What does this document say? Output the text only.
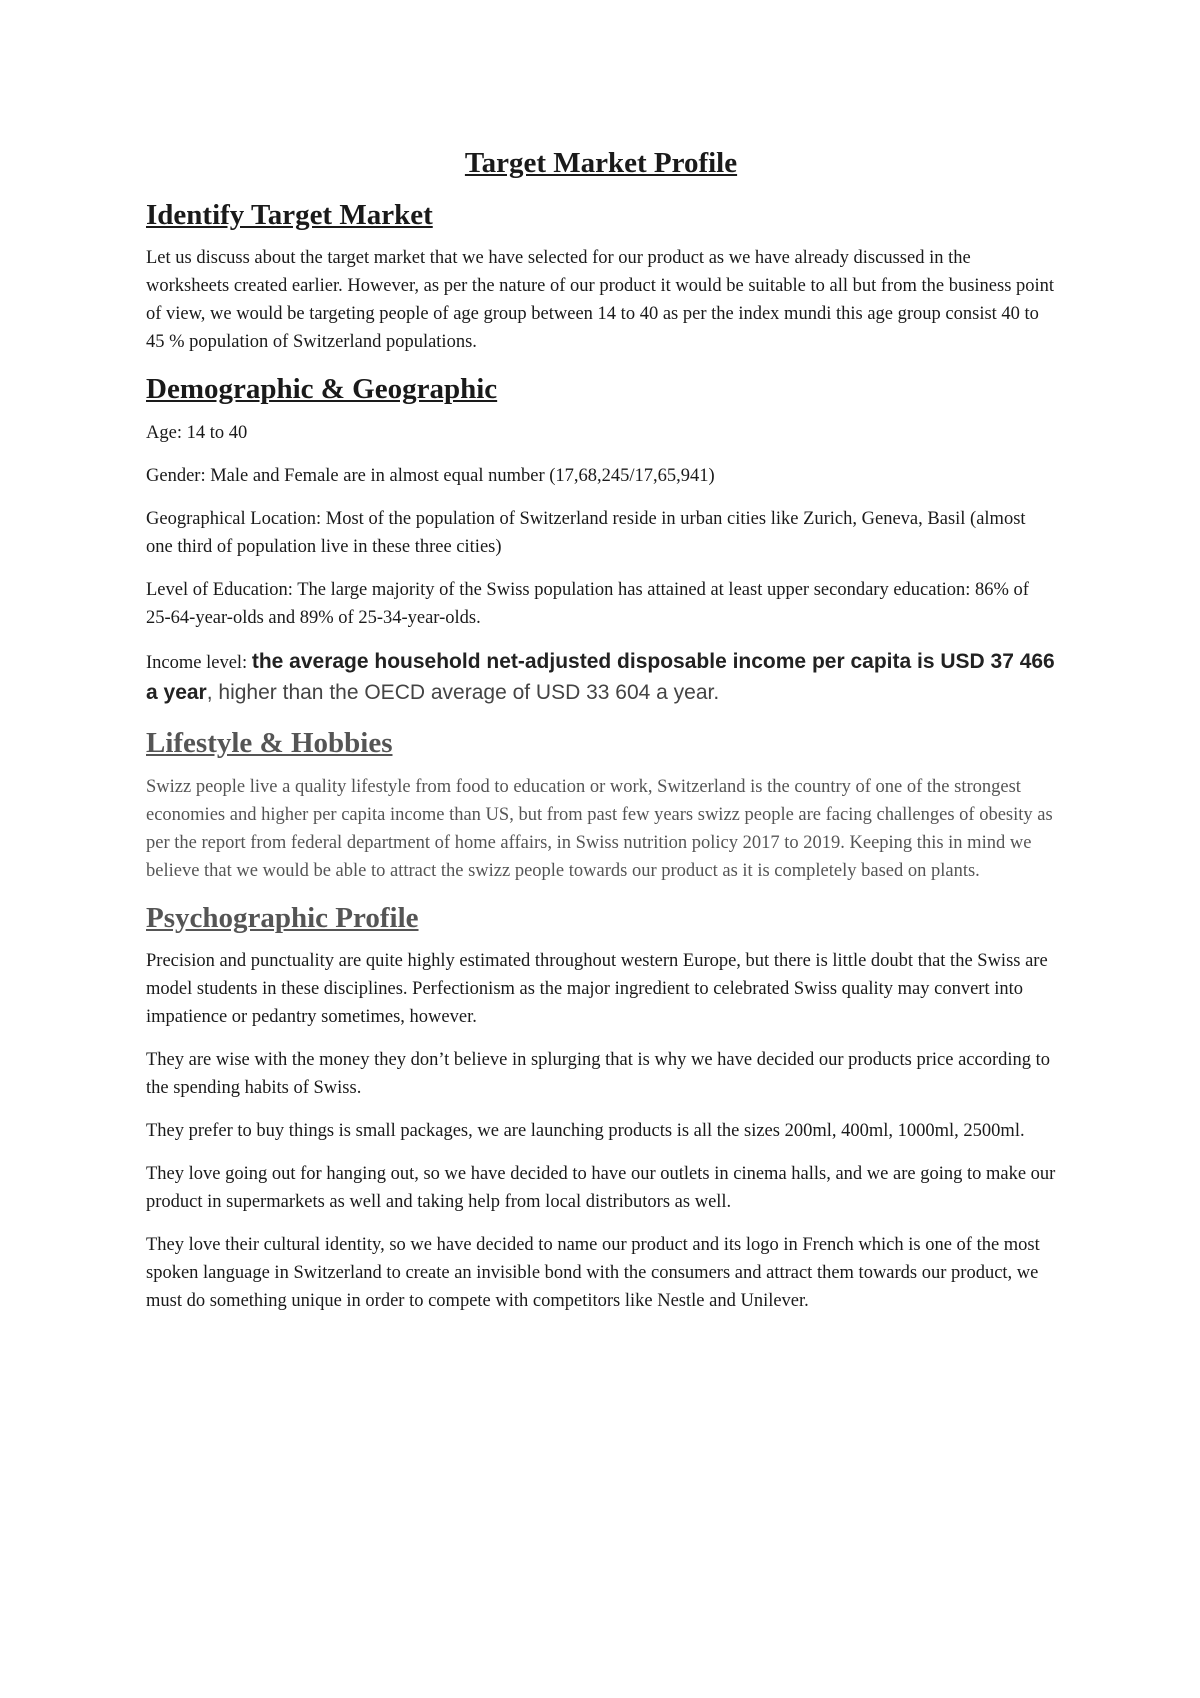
Target Market Profile
Identify Target Market

Let us discuss about the target market that we have selected for our product as we have already discussed in the worksheets created earlier. However, as per the nature of our product it would be suitable to all but from the business point of view, we would be targeting people of age group between 14 to 40 as per the index mundi this age group consist 40 to 45 % population of Switzerland populations.

Demographic & Geographic

Age: 14 to 40

Gender: Male and Female are in almost equal number (17,68,245/17,65,941)

Geographical Location: Most of the population of Switzerland reside in urban cities like Zurich, Geneva, Basil (almost one third of population live in these three cities)

Level of Education: The large majority of the Swiss population has attained at least upper secondary education: 86% of 25-64-year-olds and 89% of 25-34-year-olds.

Income level: the average household net-adjusted disposable income per capita is USD 37 466 a year, higher than the OECD average of USD 33 604 a year.

Lifestyle & Hobbies

Swizz people live a quality lifestyle from food to education or work, Switzerland is the country of one of the strongest economies and higher per capita income than US, but from past few years swizz people are facing challenges of obesity as per the report from federal department of home affairs, in Swiss nutrition policy 2017 to 2019. Keeping this in mind we believe that we would be able to attract the swizz people towards our product as it is completely based on plants.

Psychographic Profile

Precision and punctuality are quite highly estimated throughout western Europe, but there is little doubt that the Swiss are model students in these disciplines. Perfectionism as the major ingredient to celebrated Swiss quality may convert into impatience or pedantry sometimes, however.

They are wise with the money they don’t believe in splurging that is why we have decided our products price according to the spending habits of Swiss.

They prefer to buy things is small packages, we are launching products is all the sizes 200ml, 400ml, 1000ml, 2500ml.

They love going out for hanging out, so we have decided to have our outlets in cinema halls, and we are going to make our product in supermarkets as well and taking help from local distributors as well.

They love their cultural identity, so we have decided to name our product and its logo in French which is one of the most spoken language in Switzerland to create an invisible bond with the consumers and attract them towards our product, we must do something unique in order to compete with competitors like Nestle and Unilever.
